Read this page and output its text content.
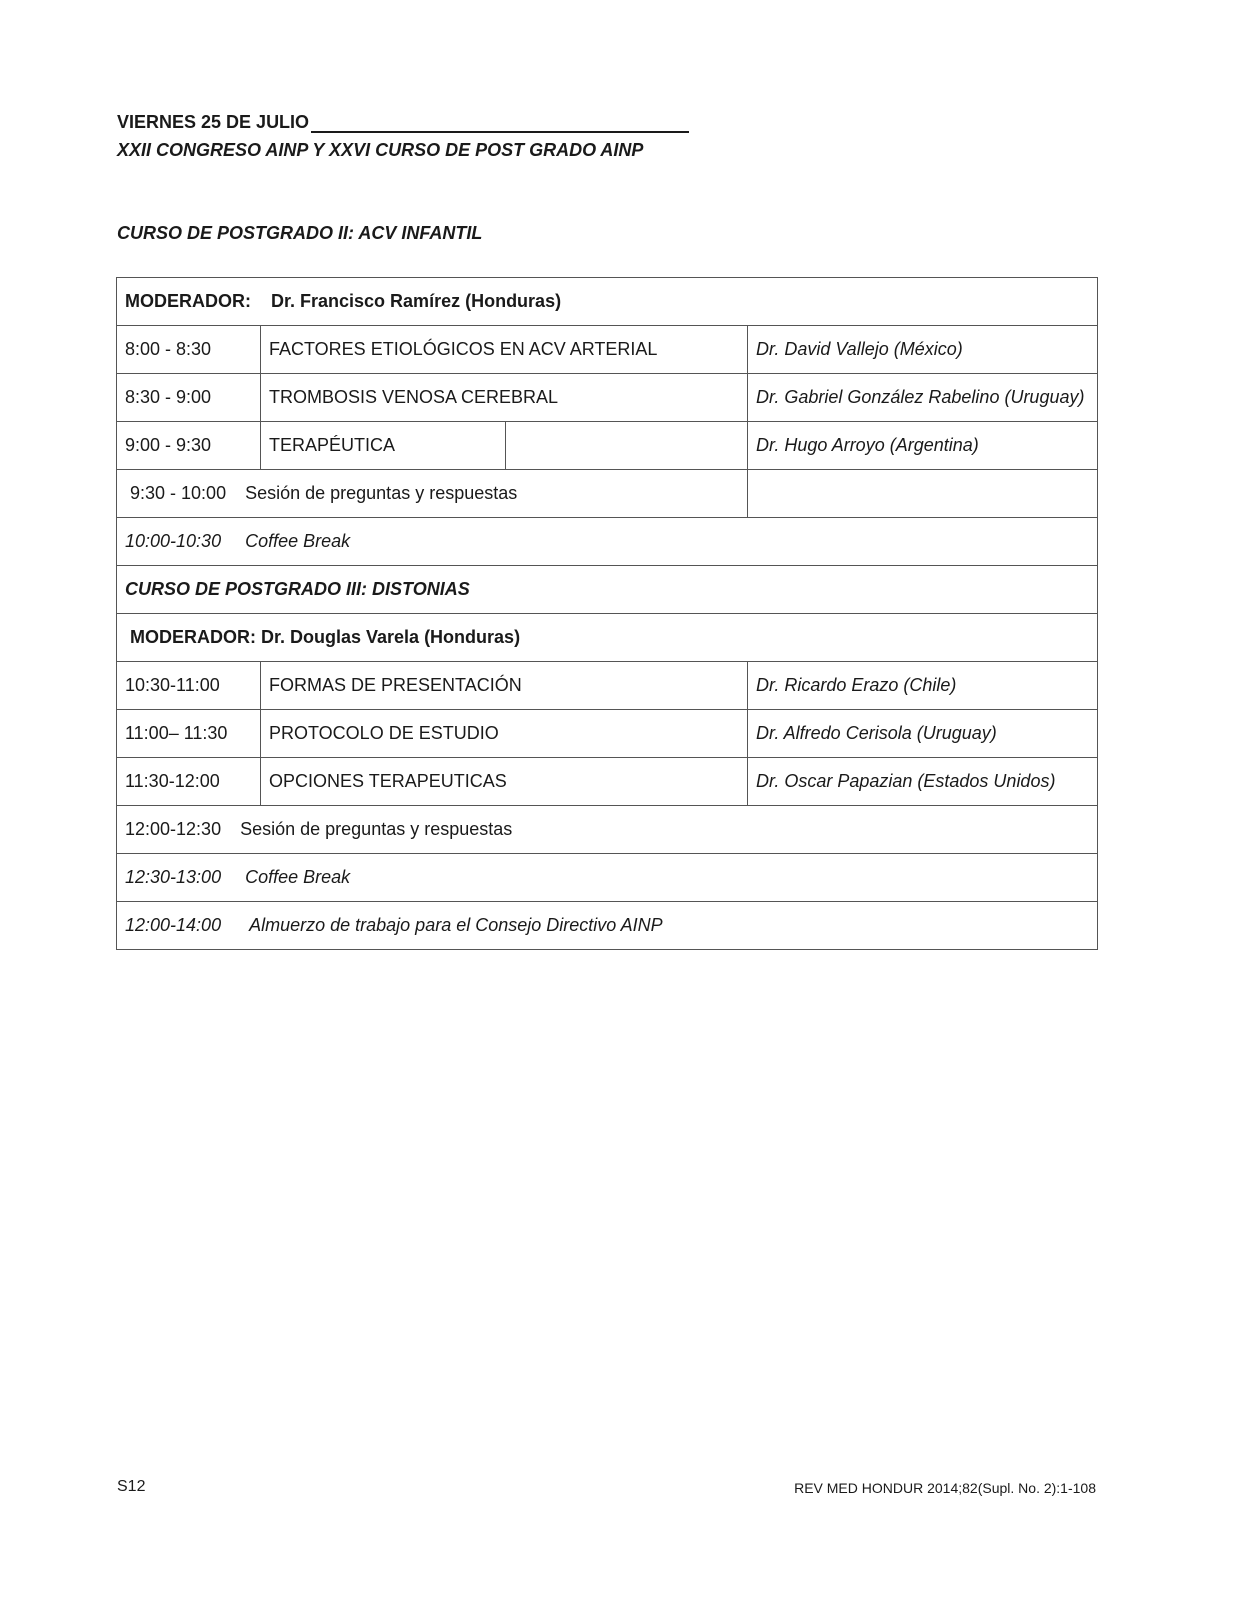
VIERNES 25 DE JULIO
XXII CONGRESO AINP Y XXVI CURSO DE POST GRADO AINP
CURSO DE POSTGRADO II: ACV INFANTIL
MODERADOR: Dr. Francisco Ramírez (Honduras)			
8:00 - 8:30	FACTORES ETIOLÓGICOS EN ACV ARTERIAL		Dr. David Vallejo (México)
8:30 - 9:00	TROMBOSIS VENOSA CEREBRAL		Dr. Gabriel González Rabelino (Uruguay)
9:00 - 9:30	TERAPÉUTICA		Dr. Hugo Arroyo (Argentina)
9:30 - 10:00 Sesión de preguntas y respuestas			
10:00-10:30 Coffee Break			
CURSO DE POSTGRADO III: DISTONIAS			
MODERADOR: Dr. Douglas Varela (Honduras)			
10:30-11:00	FORMAS DE PRESENTACIÓN		Dr. Ricardo Erazo (Chile)
11:00– 11:30	PROTOCOLO DE ESTUDIO		Dr. Alfredo Cerisola (Uruguay)
11:30-12:00	OPCIONES TERAPEUTICAS		Dr. Oscar Papazian (Estados Unidos)
12:00-12:30 Sesión de preguntas y respuestas			
12:30-13:00 Coffee Break			
12:00-14:00 Almuerzo de trabajo para el Consejo Directivo AINP			
S12	REV MED HONDUR 2014;82(Supl. No. 2):1-108
